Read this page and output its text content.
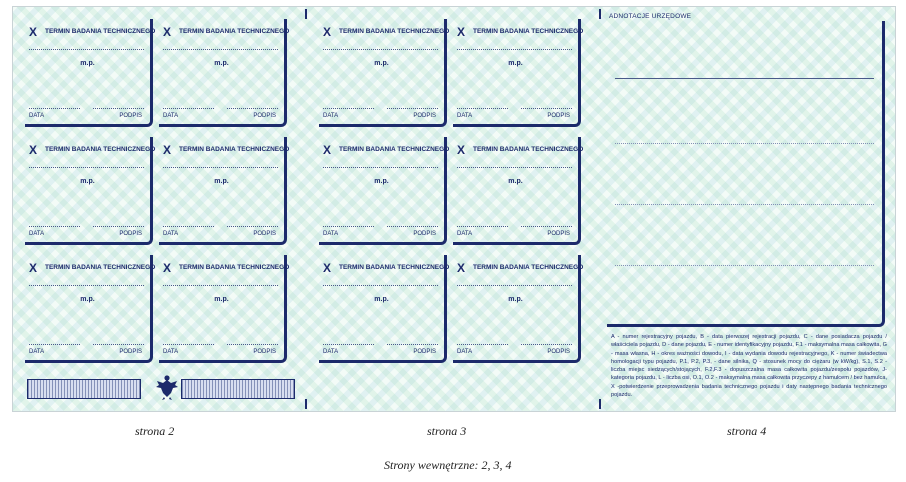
X TERMIN BADANIA TECHNICZNEGO
m.p.
DATA	PODPIS
X TERMIN BADANIA TECHNICZNEGO
m.p.
DATA	PODPIS
X TERMIN BADANIA TECHNICZNEGO
m.p.
DATA	PODPIS
X TERMIN BADANIA TECHNICZNEGO
m.p.
DATA	PODPIS
X TERMIN BADANIA TECHNICZNEGO
m.p.
DATA	PODPIS
X TERMIN BADANIA TECHNICZNEGO
m.p.
DATA	PODPIS
X TERMIN BADANIA TECHNICZNEGO
m.p.
DATA	PODPIS
X TERMIN BADANIA TECHNICZNEGO
m.p.
DATA	PODPIS
X TERMIN BADANIA TECHNICZNEGO
m.p.
DATA	PODPIS
X TERMIN BADANIA TECHNICZNEGO
m.p.
DATA	PODPIS
X TERMIN BADANIA TECHNICZNEGO
m.p.
DATA	PODPIS
X TERMIN BADANIA TECHNICZNEGO
m.p.
DATA	PODPIS
ADNOTACJE URZĘDOWE
A - numer rejestracyjny pojazdu, B - data pierwszej rejestracji pojazdu, C - dane posiadacza pojazdu / właściciela pojazdu, D - dane pojazdu, E - numer identyfikacyjny pojazdu, F.1 - maksymalna masa całkowita, G - masa własna, H - okres ważności dowodu, I - data wydania dowodu rejestracyjnego, K - numer świadectwa homologacji typu pojazdu, P.1, P.2, P.3, - dane silnika, Q - stosunek mocy do ciężaru (w kW/kg), S.1, S.2 - liczba miejsc siedzących/stojących, F.2,F.3 - dopuszczalna masa całkowita pojazdu/zespołu pojazdów, J-kategoria pojazdu, L - liczba osi, O.1, O.2 - maksymalna masa całkowita przyczepy z hamulcem / bez hamulca, X -potwierdzenie przeprowadzenia badania technicznego pojazdu i daty następnego badania technicznego pojazdu.
strona 2	strona 3	strona 4
Strony wewnętrzne: 2, 3, 4
